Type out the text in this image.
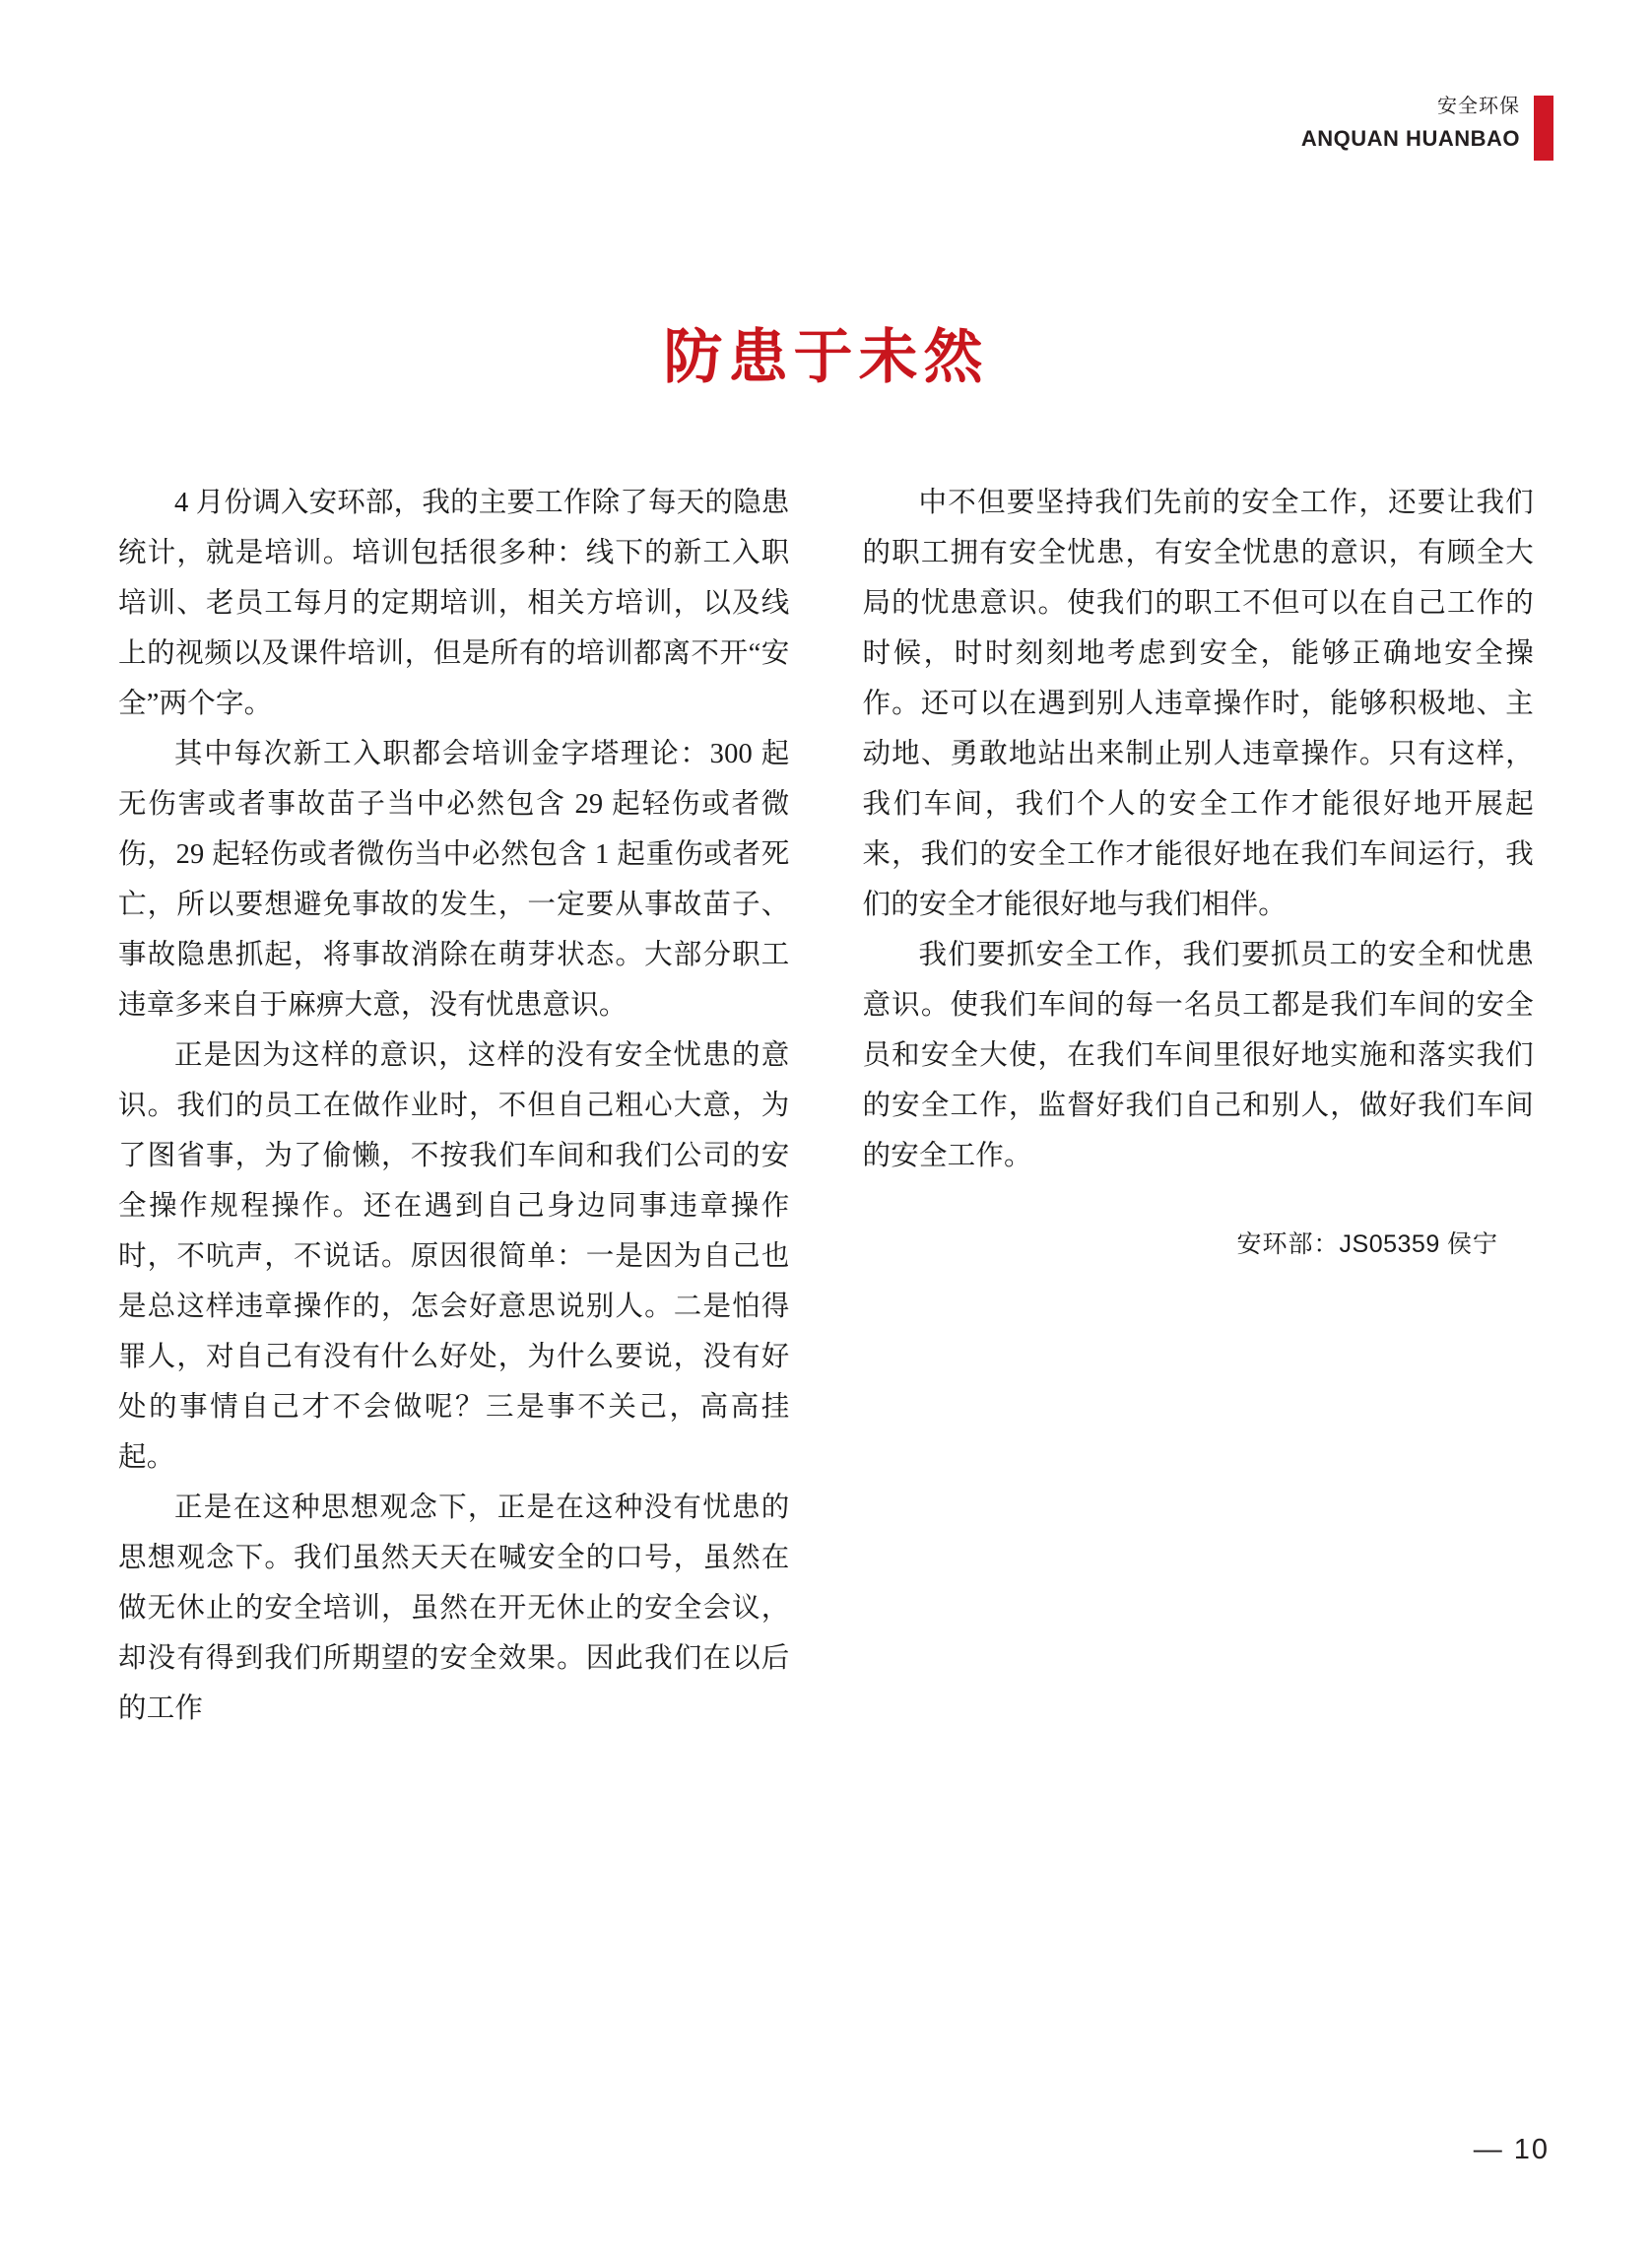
安全环保
ANQUAN HUANBAO
防患于未然

4 月份调入安环部，我的主要工作除了每天的隐患统计，就是培训。培训包括很多种：线下的新工入职培训、老员工每月的定期培训，相关方培训，以及线上的视频以及课件培训，但是所有的培训都离不开“安全”两个字。

其中每次新工入职都会培训金字塔理论：300 起无伤害或者事故苗子当中必然包含 29 起轻伤或者微伤，29 起轻伤或者微伤当中必然包含 1 起重伤或者死亡，所以要想避免事故的发生，一定要从事故苗子、事故隐患抓起，将事故消除在萌芽状态。大部分职工违章多来自于麻痹大意，没有忧患意识。

正是因为这样的意识，这样的没有安全忧患的意识。我们的员工在做作业时，不但自己粗心大意，为了图省事，为了偷懒，不按我们车间和我们公司的安全操作规程操作。还在遇到自己身边同事违章操作时，不吭声，不说话。原因很简单：一是因为自己也是总这样违章操作的，怎会好意思说别人。二是怕得罪人，对自己有没有什么好处，为什么要说，没有好处的事情自己才不会做呢？三是事不关己，高高挂起。

正是在这种思想观念下，正是在这种没有忧患的思想观念下。我们虽然天天在喊安全的口号，虽然在做无休止的安全培训，虽然在开无休止的安全会议，却没有得到我们所期望的安全效果。因此我们在以后的工作

中不但要坚持我们先前的安全工作，还要让我们的职工拥有安全忧患，有安全忧患的意识，有顾全大局的忧患意识。使我们的职工不但可以在自己工作的时候，时时刻刻地考虑到安全，能够正确地安全操作。还可以在遇到别人违章操作时，能够积极地、主动地、勇敢地站出来制止别人违章操作。只有这样，我们车间，我们个人的安全工作才能很好地开展起来，我们的安全工作才能很好地在我们车间运行，我们的安全才能很好地与我们相伴。

我们要抓安全工作，我们要抓员工的安全和忧患意识。使我们车间的每一名员工都是我们车间的安全员和安全大使，在我们车间里很好地实施和落实我们的安全工作，监督好我们自己和别人，做好我们车间的安全工作。

安环部：JS05359 侯宁
— 10
